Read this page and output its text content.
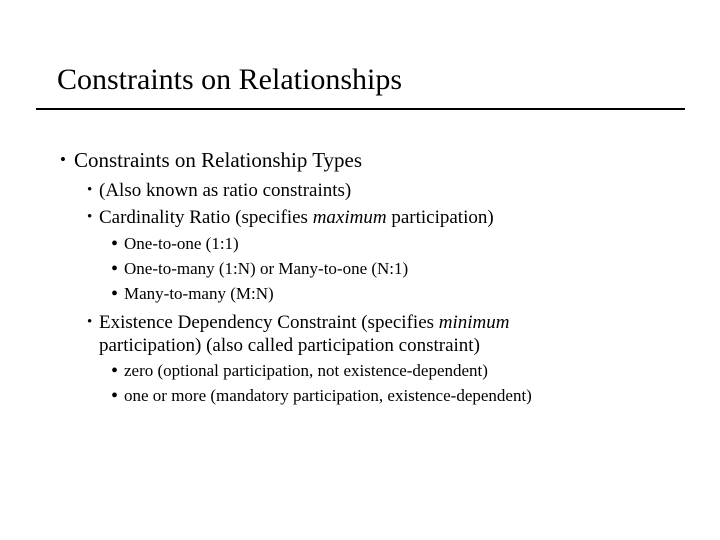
Constraints on Relationships
• Constraints on Relationship Types
• (Also known as ratio constraints)
• Cardinality Ratio (specifies maximum participation)
• One-to-one (1:1)
• One-to-many (1:N) or Many-to-one (N:1)
• Many-to-many (M:N)
• Existence Dependency Constraint (specifies minimum
participation) (also called participation constraint)
• zero (optional participation, not existence-dependent)
• one or more (mandatory participation, existence-dependent)
